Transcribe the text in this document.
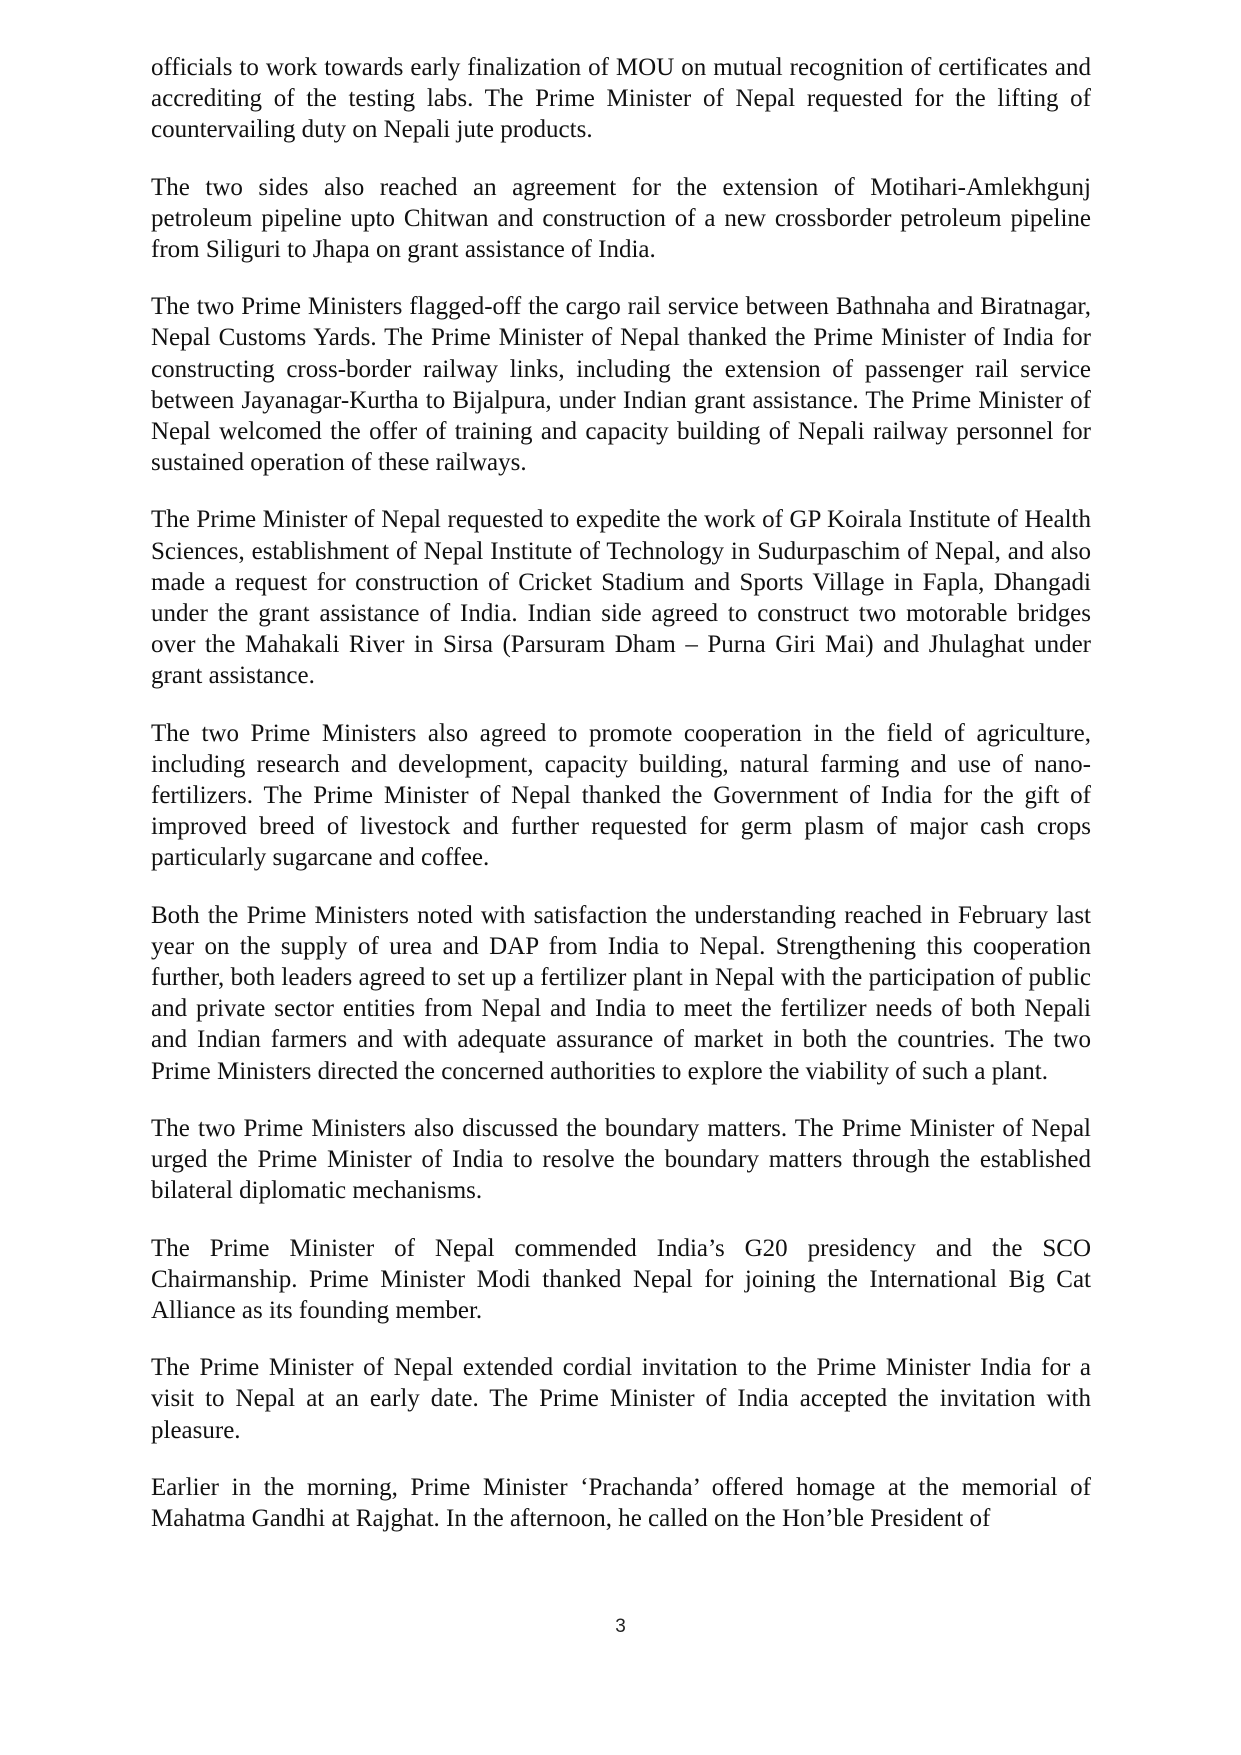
officials to work towards early finalization of MOU on mutual recognition of certificates and accrediting of the testing labs. The Prime Minister of Nepal requested for the lifting of countervailing duty on Nepali jute products.

The two sides also reached an agreement for the extension of Motihari-Amlekhgunj petroleum pipeline upto Chitwan and construction of a new crossborder petroleum pipeline from Siliguri to Jhapa on grant assistance of India.

The two Prime Ministers flagged-off the cargo rail service between Bathnaha and Biratnagar, Nepal Customs Yards. The Prime Minister of Nepal thanked the Prime Minister of India for constructing cross-border railway links, including the extension of passenger rail service between Jayanagar-Kurtha to Bijalpura, under Indian grant assistance. The Prime Minister of Nepal welcomed the offer of training and capacity building of Nepali railway personnel for sustained operation of these railways.

The Prime Minister of Nepal requested to expedite the work of GP Koirala Institute of Health Sciences, establishment of Nepal Institute of Technology in Sudurpaschim of Nepal, and also made a request for construction of Cricket Stadium and Sports Village in Fapla, Dhangadi under the grant assistance of India. Indian side agreed to construct two motorable bridges over the Mahakali River in Sirsa (Parsuram Dham – Purna Giri Mai) and Jhulaghat under grant assistance.

The two Prime Ministers also agreed to promote cooperation in the field of agriculture, including research and development, capacity building, natural farming and use of nano-fertilizers. The Prime Minister of Nepal thanked the Government of India for the gift of improved breed of livestock and further requested for germ plasm of major cash crops particularly sugarcane and coffee.

Both the Prime Ministers noted with satisfaction the understanding reached in February last year on the supply of urea and DAP from India to Nepal. Strengthening this cooperation further, both leaders agreed to set up a fertilizer plant in Nepal with the participation of public and private sector entities from Nepal and India to meet the fertilizer needs of both Nepali and Indian farmers and with adequate assurance of market in both the countries. The two Prime Ministers directed the concerned authorities to explore the viability of such a plant.

The two Prime Ministers also discussed the boundary matters. The Prime Minister of Nepal urged the Prime Minister of India to resolve the boundary matters through the established bilateral diplomatic mechanisms.

The Prime Minister of Nepal commended India’s G20 presidency and the SCO Chairmanship. Prime Minister Modi thanked Nepal for joining the International Big Cat Alliance as its founding member.

The Prime Minister of Nepal extended cordial invitation to the Prime Minister India for a visit to Nepal at an early date. The Prime Minister of India accepted the invitation with pleasure.

Earlier in the morning, Prime Minister ‘Prachanda’ offered homage at the memorial of Mahatma Gandhi at Rajghat. In the afternoon, he called on the Hon’ble President of

3
